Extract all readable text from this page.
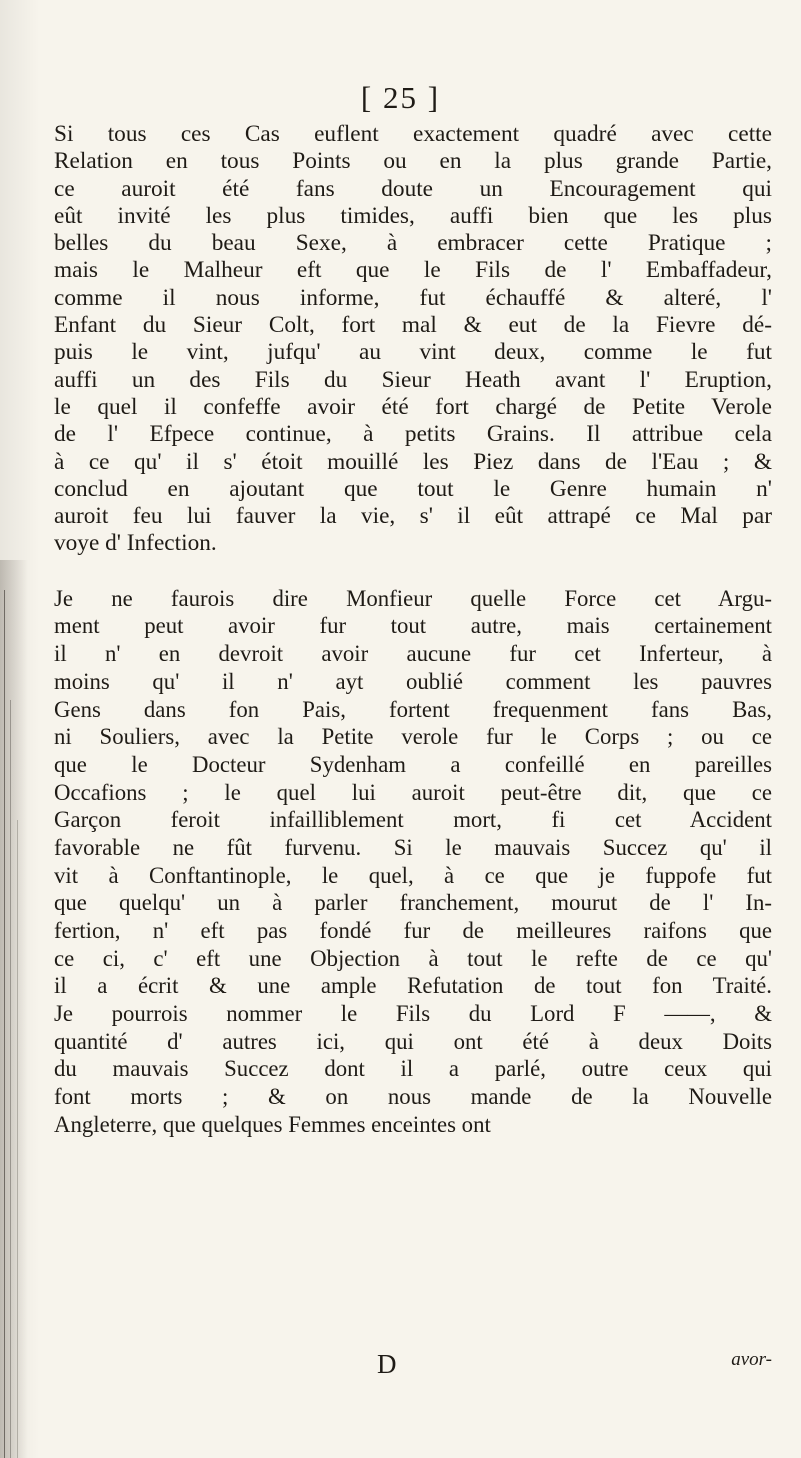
[ 25 ]

Si tous ces Cas euflent exactement quadré avec cette
Relation en tous Points ou en la plus grande Partie,
ce auroit été fans doute un Encouragement qui
eût invité les plus timides, auffi bien que les plus
belles du beau Sexe, à embracer cette Pratique ;
mais le Malheur eft que le Fils de l' Embaffadeur,
comme il nous informe, fut échauffé & alteré, l'
Enfant du Sieur Colt, fort mal & eut de la Fievre dé-
puis le vint, jufqu' au vint deux, comme le fut
auffi un des Fils du Sieur Heath avant l' Eruption,
le quel il confeffe avoir été fort chargé de Petite Verole
de l' Efpece continue, à petits Grains. Il attribue cela
à ce qu' il s' étoit mouillé les Piez dans de l'Eau ; &
conclud en ajoutant que tout le Genre humain n'
auroit feu lui fauver la vie, s' il eût attrapé ce Mal par
voye d' Infection.

Je ne faurois dire Monfieur quelle Force cet Argu-
ment peut avoir fur tout autre, mais certainement
il n' en devroit avoir aucune fur cet Inferteur, à
moins qu' il n' ayt oublié comment les pauvres
Gens dans fon Pais, fortent frequenment fans Bas,
ni Souliers, avec la Petite verole fur le Corps ; ou ce
que le Docteur Sydenham a confeillé en pareilles
Occafions ; le quel lui auroit peut-être dit, que ce
Garçon feroit infailliblement mort, fi cet Accident
favorable ne fût furvenu. Si le mauvais Succez qu' il
vit à Conftantinople, le quel, à ce que je fuppofe fut
que quelqu' un à parler franchement, mourut de l' In-
fertion, n' eft pas fondé fur de meilleures raifons que
ce ci, c' eft une Objection à tout le refte de ce qu'
il a écrit & une ample Refutation de tout fon Traité.
Je pourrois nommer le Fils du Lord F ——, &
quantité d' autres ici, qui ont été à deux Doits
du mauvais Succez dont il a parlé, outre ceux qui
font morts ; & on nous mande de la Nouvelle
Angleterre, que quelques Femmes enceintes ont

D	avor-
